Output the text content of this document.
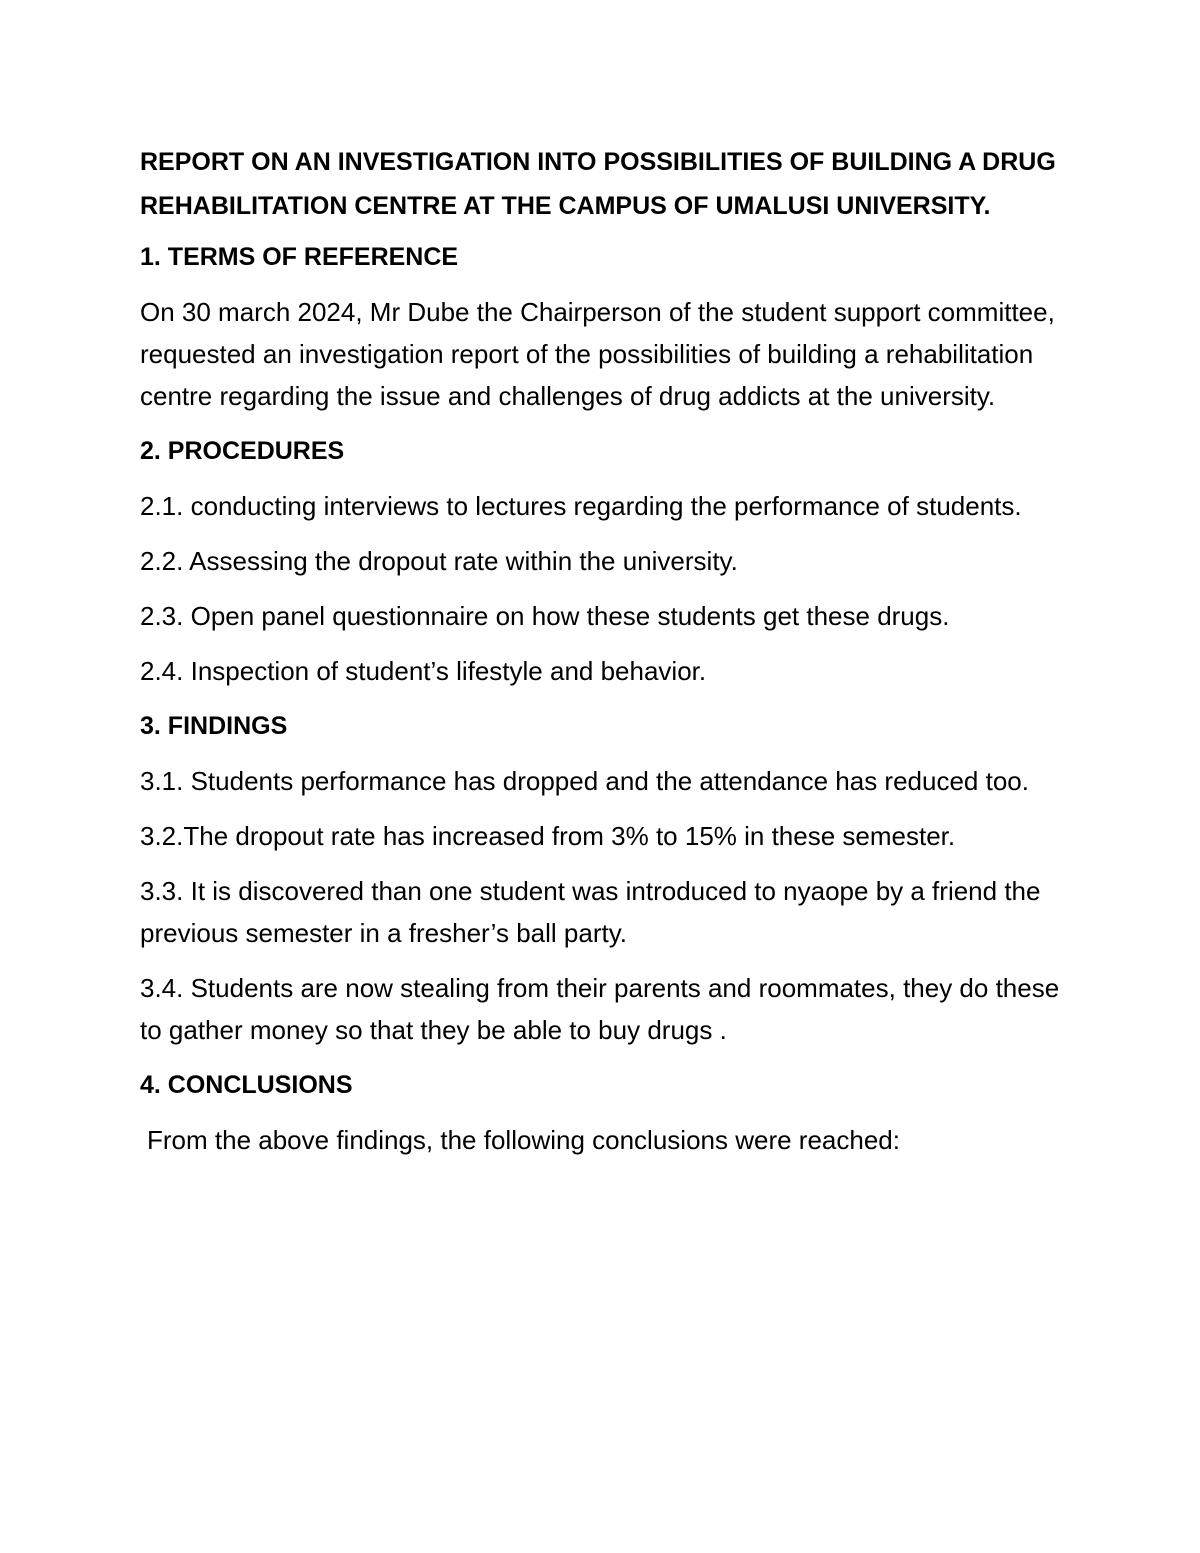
REPORT ON AN INVESTIGATION INTO POSSIBILITIES OF BUILDING A DRUG REHABILITATION CENTRE AT THE CAMPUS OF UMALUSI UNIVERSITY.
1. TERMS OF REFERENCE
On 30 march 2024, Mr Dube the Chairperson of the student support committee, requested an investigation report of the possibilities of building a rehabilitation centre regarding the issue and challenges of drug addicts at the university.
2. PROCEDURES
2.1. conducting interviews to lectures regarding the performance of students.
2.2. Assessing the dropout rate within the university.
2.3. Open panel questionnaire on how these students get these drugs.
2.4. Inspection of student’s lifestyle and behavior.
3. FINDINGS
3.1. Students performance has dropped and the attendance has reduced too.
3.2.The dropout rate has increased from 3% to 15% in these semester.
3.3. It is discovered than one student was introduced to nyaope by a friend the previous semester in a fresher’s ball party.
3.4. Students are now stealing from their parents and roommates, they do these to gather money so that they be able to buy drugs .
4. CONCLUSIONS
From the above findings, the following conclusions were reached:
